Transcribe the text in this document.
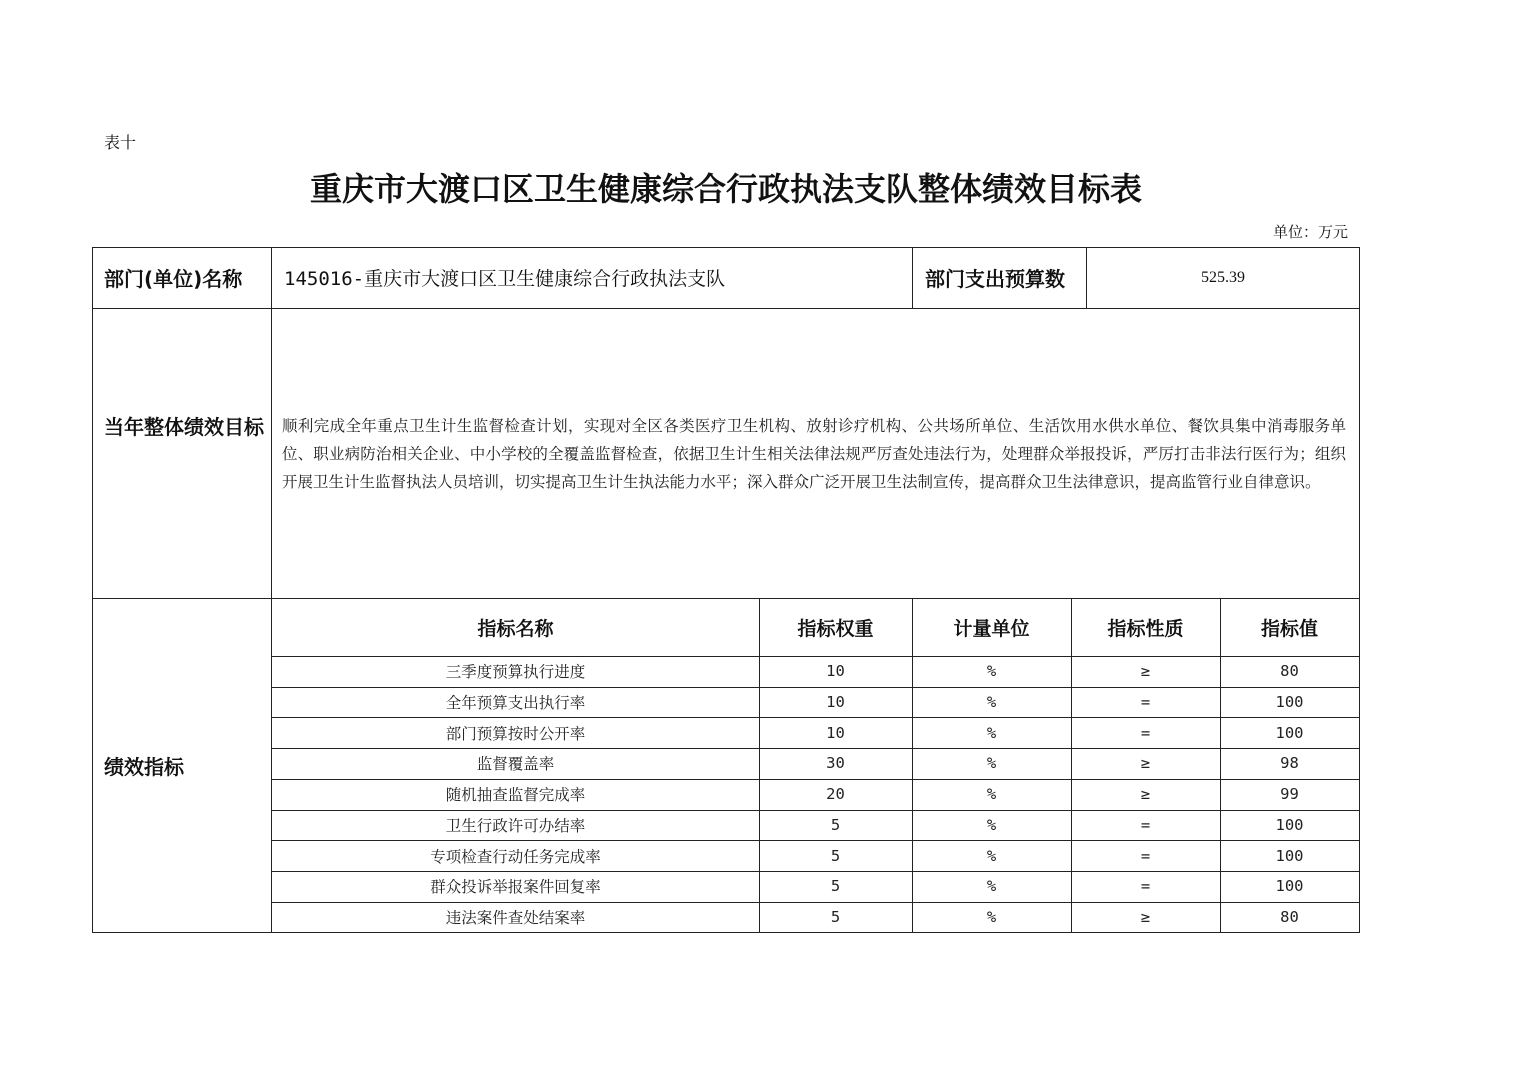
表十
重庆市大渡口区卫生健康综合行政执法支队整体绩效目标表
单位：万元
部门(单位)名称	145016-重庆市大渡口区卫生健康综合行政执法支队	部门支出预算数	525.39
当年整体绩效目标 顺利完成全年重点卫生计生监督检查计划，实现对全区各类医疗卫生机构、放射诊疗机构、公共场所单位、生活饮用水供水单位、餐饮具集中消毒服务单位、职业病防治相关企业、中小学校的全覆盖监督检查，依据卫生计生相关法律法规严厉查处违法行为，处理群众举报投诉，严厉打击非法行医行为；组织开展卫生计生监督执法人员培训，切实提高卫生计生执法能力水平；深入群众广泛开展卫生法制宣传，提高群众卫生法律意识，提高监管行业自律意识。
绩效指标
指标名称	指标权重	计量单位	指标性质	指标值
三季度预算执行进度	10	%	≥	80
全年预算支出执行率	10	%	=	100
部门预算按时公开率	10	%	=	100
监督覆盖率	30	%	≥	98
随机抽查监督完成率	20	%	≥	99
卫生行政许可办结率	5	%	=	100
专项检查行动任务完成率	5	%	=	100
群众投诉举报案件回复率	5	%	=	100
违法案件查处结案率	5	%	≥	80
